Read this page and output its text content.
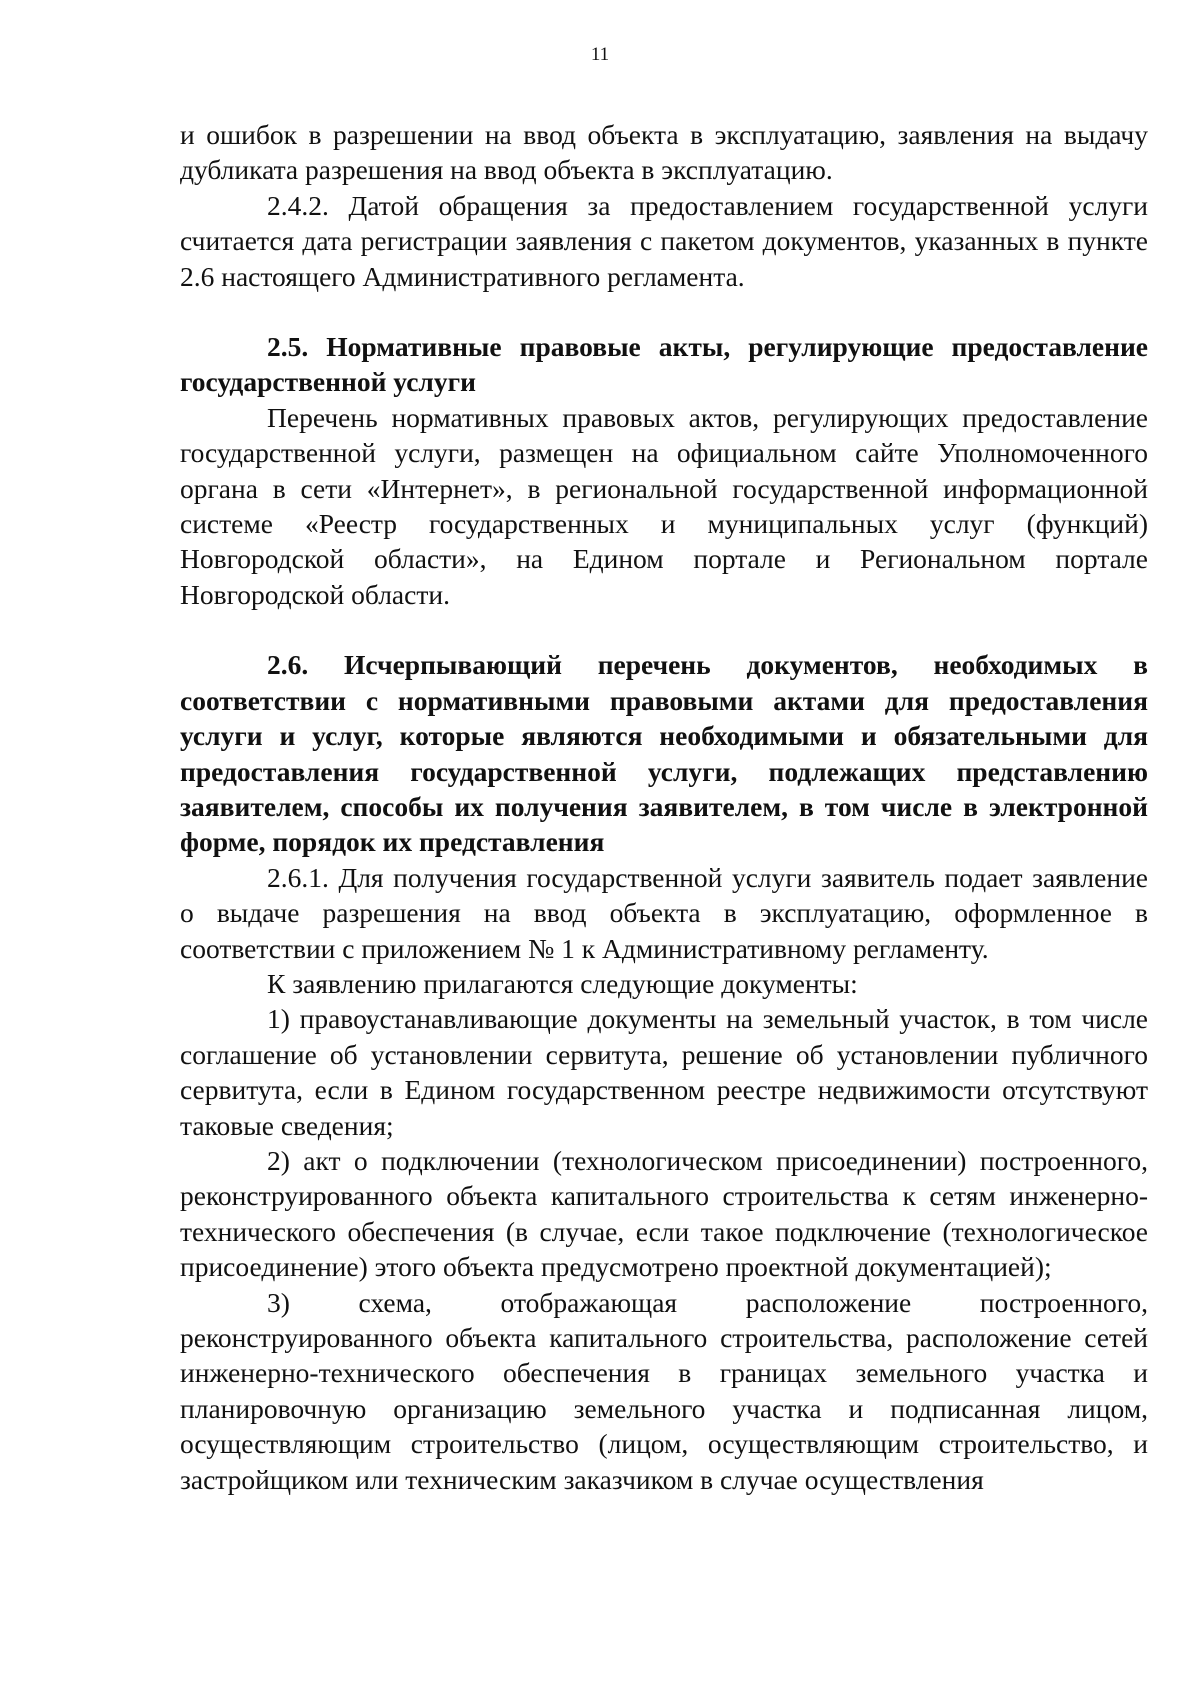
11

и ошибок в разрешении на ввод объекта в эксплуатацию, заявления на выдачу дубликата разрешения на ввод объекта в эксплуатацию.

2.4.2. Датой обращения за предоставлением государственной услуги считается дата регистрации заявления с пакетом документов, указанных в пункте 2.6 настоящего Административного регламента.

2.5. Нормативные правовые акты, регулирующие предоставление государственной услуги

Перечень нормативных правовых актов, регулирующих предоставление государственной услуги, размещен на официальном сайте Уполномоченного органа в сети «Интернет», в региональной государственной информационной системе «Реестр государственных и муниципальных услуг (функций) Новгородской области», на Едином портале и Региональном портале Новгородской области.

2.6. Исчерпывающий перечень документов, необходимых в соответствии с нормативными правовыми актами для предоставления услуги и услуг, которые являются необходимыми и обязательными для предоставления государственной услуги, подлежащих представлению заявителем, способы их получения заявителем, в том числе в электронной форме, порядок их представления

2.6.1. Для получения государственной услуги заявитель подает заявление о выдаче разрешения на ввод объекта в эксплуатацию, оформленное в соответствии с приложением № 1 к Административному регламенту.

К заявлению прилагаются следующие документы:

1) правоустанавливающие документы на земельный участок, в том числе соглашение об установлении сервитута, решение об установлении публичного сервитута, если в Едином государственном реестре недвижимости отсутствуют таковые сведения;

2) акт о подключении (технологическом присоединении) построенного, реконструированного объекта капитального строительства к сетям инженерно-технического обеспечения (в случае, если такое подключение (технологическое присоединение) этого объекта предусмотрено проектной документацией);

3) схема, отображающая расположение построенного, реконструированного объекта капитального строительства, расположение сетей инженерно-технического обеспечения в границах земельного участка и планировочную организацию земельного участка и подписанная лицом, осуществляющим строительство (лицом, осуществляющим строительство, и застройщиком или техническим заказчиком в случае осуществления
